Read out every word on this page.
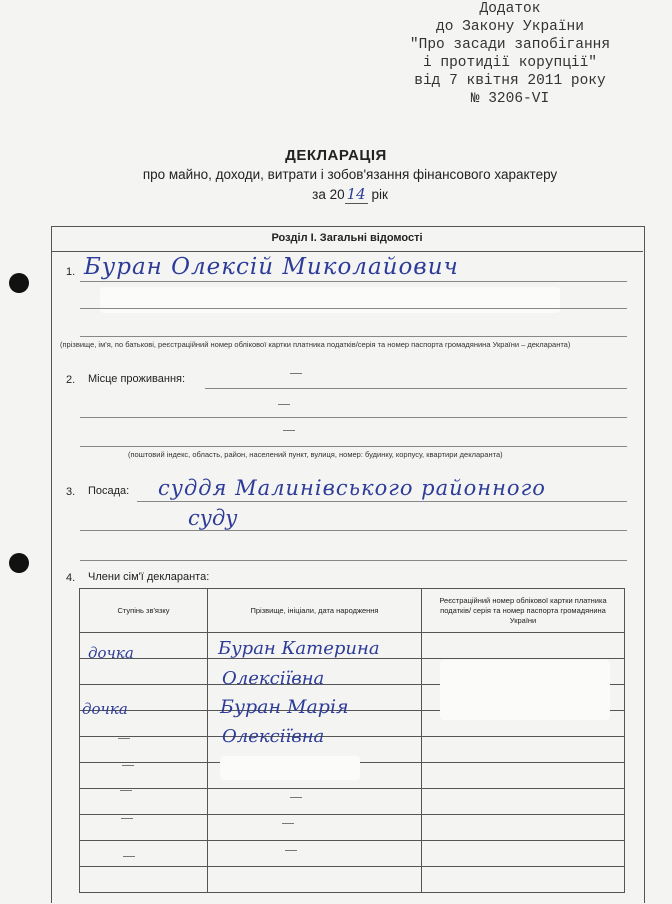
Додаток
до Закону України
"Про засади запобігання
і протидії корупції"
від 7 квітня 2011 року
№ 3206-VI
ДЕКЛАРАЦІЯ
про майно, доходи, витрати і зобов'язання фінансового характеру
за 20 14 рік
Розділ І. Загальні відомості
1. Буран Олексій Миколайович
(прізвище, ім'я, по батькові, реєстраційний номер облікової картки платника податків/серія та номер паспорта громадянина України – декларанта)
2. Місце проживання:
(поштовий індекс, область, район, населений пункт, вулиця, номер: будинку, корпусу, квартири декларанта)
3. Посада: суддя Малинівського районного
суду
4. Члени сім'ї декларанта:
Ступінь зв'язку	Прізвище, ініціали, дата народження	Реєстраційний номер облікової картки платника податків/ серія та номер паспорта громадянина України

дочка	Буран Катерина
Олексіївна
дочка	Буран Марія
Олексіївна
